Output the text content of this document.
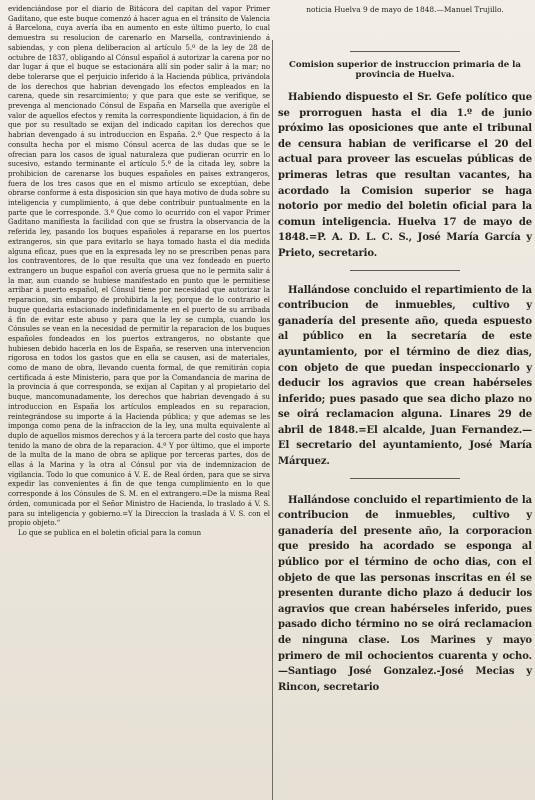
evidenciándose por el diario de Bitácora del capitan del vapor Primer Gaditano, que este buque comenzó á hacer agua en el tránsito de Valencia á Barcelona, cuya avería iba en aumento en este último puerto, lo cual demuestra su resolucion de carenarlo en Marsella, contraviniendo á sabiendas, y con plena deliberacion al artículo 5.º de la ley de 28 de octubre de 1837, obligando al Cónsul español á autorizar la carena por no dar lugar á que el buque se estacionára allí sin poder salir á la mar; no debe tolerarse que el perjuicio inferido á la Hacienda pública, privándola de los derechos que habrian devengado los efectos empleados en la carena, quede sin resarcimiento; y que para que este se verifique, se prevenga al mencionado Cónsul de España en Marsella que averigüe el valor de aquellos efectos y remita la correspondiente liquidacion, á fin de que por su resultado se exijan del indicado capitan los derechos que habrian devengado á su introduccion en España. 2.º Que respecto á la consulta hecha por el mismo Cónsul acerca de las dudas que se le ofrecian para los casos de igual naturaleza que pudieran ocurrir en lo sucesivo, estando terminante el artículo 5.º de la citada ley, sobre la prohibicion de carenarse los buques españoles en paises extrangeros, fuera de los tres casos que en el mismo artículo se exceptúan, debe obrarse conforme á esta disposicion sin que haya motivo de duda sobre su inteligencia y cumplimiento, á que debe contribuir puntualmente en la parte que le corresponde. 3.º Que como lo ocurrido con el vapor Primer Gaditano manifiesta la facilidad con que se frustra la observancia de la referida ley, pasando los buques españoles á repararse en los puertos extrangeros, sin que para evitarlo se haya tomado hasta el dia medida alguna eficaz, pues que en la expresada ley no se prescriben penas para los contraventores, de lo que resulta que una vez fondeado en puerto extrangero un buque español con avería gruesa que no le permita salir á la mar, aun cuando se hubiese manifestado en punto que le permitiese arribar á puerto español, el Cónsul tiene por necesidad que autorizar la reparacion, sin embargo de prohibirla la ley, porque de lo contrario el buque quedaria estacionado indefinidamente en el puerto de su arribada á fin de evitar este abuso y para que la ley se cumpla, cuando los Cónsules se vean en la necesidad de permitir la reparacion de los buques españoles fondeados en los puertos extrangeros, no obstante que hubiesen debido hacerla en los de España, se reserven una intervencion rigorosa en todos los gastos que en ella se causen, asi de materiales, como de mano de obra, llevando cuenta formal, de que remitirán copia certificada á este Ministerio, para que por la Comandancia de marina de la provincia á que corresponda, se exijan al Capitan y al propietario del buque, mancomunadamente, los derechos que habrian devengado á su introduccion en España los artículos empleados en su reparacion, reintegrándose su importe á la Hacienda pública; y que ademas se les imponga como pena de la infraccion de la ley, una multa equivalente al duplo de aquellos mismos derechos y á la tercera parte del costo que haya tenido la mano de obra de la reparacion. 4.º Y por último, que el importe de la multa de la mano de obra se aplique por terceras partes, dos de ellas á la Marina y la otra al Cónsul por via de indemnizacion de vigilancia. Todo lo que comunico á V. E. de Real órden, para que se sirva expedir las convenientes á fin de que tenga cumplimiento en lo que corresponde á los Cónsules de S. M. en el extrangero.=De la misma Real órden, comunicada por el Señor Ministro de Hacienda, lo traslado á V. S. para su inteligencia y gobierno.=Y la Direccion la traslada á V. S. con el propio objeto.“

Lo que se publica en el boletin oficial para la comun

noticia Huelva 9 de mayo de 1848.—Manuel Trujillo.

Comision superior de instruccion primaria de la provincia de Huelva.

Habiendo dispuesto el Sr. Gefe político que se prorroguen hasta el dia 1.º de junio próximo las oposiciones que ante el tribunal de censura habian de verificarse el 20 del actual para proveer las escuelas públicas de primeras letras que resultan vacantes, ha acordado la Comision superior se haga notorio por medio del boletin oficial para la comun inteligencia. Huelva 17 de mayo de 1848.=P. A. D. L. C. S., José María García y Prieto, secretario.

Hallándose concluido el repartimiento de la contribucion de inmuebles, cultivo y ganadería del presente año, queda espuesto al público en la secretaría de este ayuntamiento, por el término de diez dias, con objeto de que puedan inspeccionarlo y deducir los agravios que crean habérseles inferido; pues pasado que sea dicho plazo no se oirá reclamacion alguna. Linares 29 de abril de 1848.=El alcalde, Juan Fernandez.—El secretario del ayuntamiento, José María Márquez.

Hallándose concluido el repartimiento de la contribucion de inmuebles, cultivo y ganadería del presente año, la corporacion que presido ha acordado se esponga al público por el término de ocho dias, con el objeto de que las personas inscritas en él se presenten durante dicho plazo á deducir los agravios que crean habérseles inferido, pues pasado dicho término no se oirá reclamacion de ninguna clase. Los Marines y mayo primero de mil ochocientos cuarenta y ocho.—Santiago José Gonzalez.-José Mecias y Rincon, secretario
